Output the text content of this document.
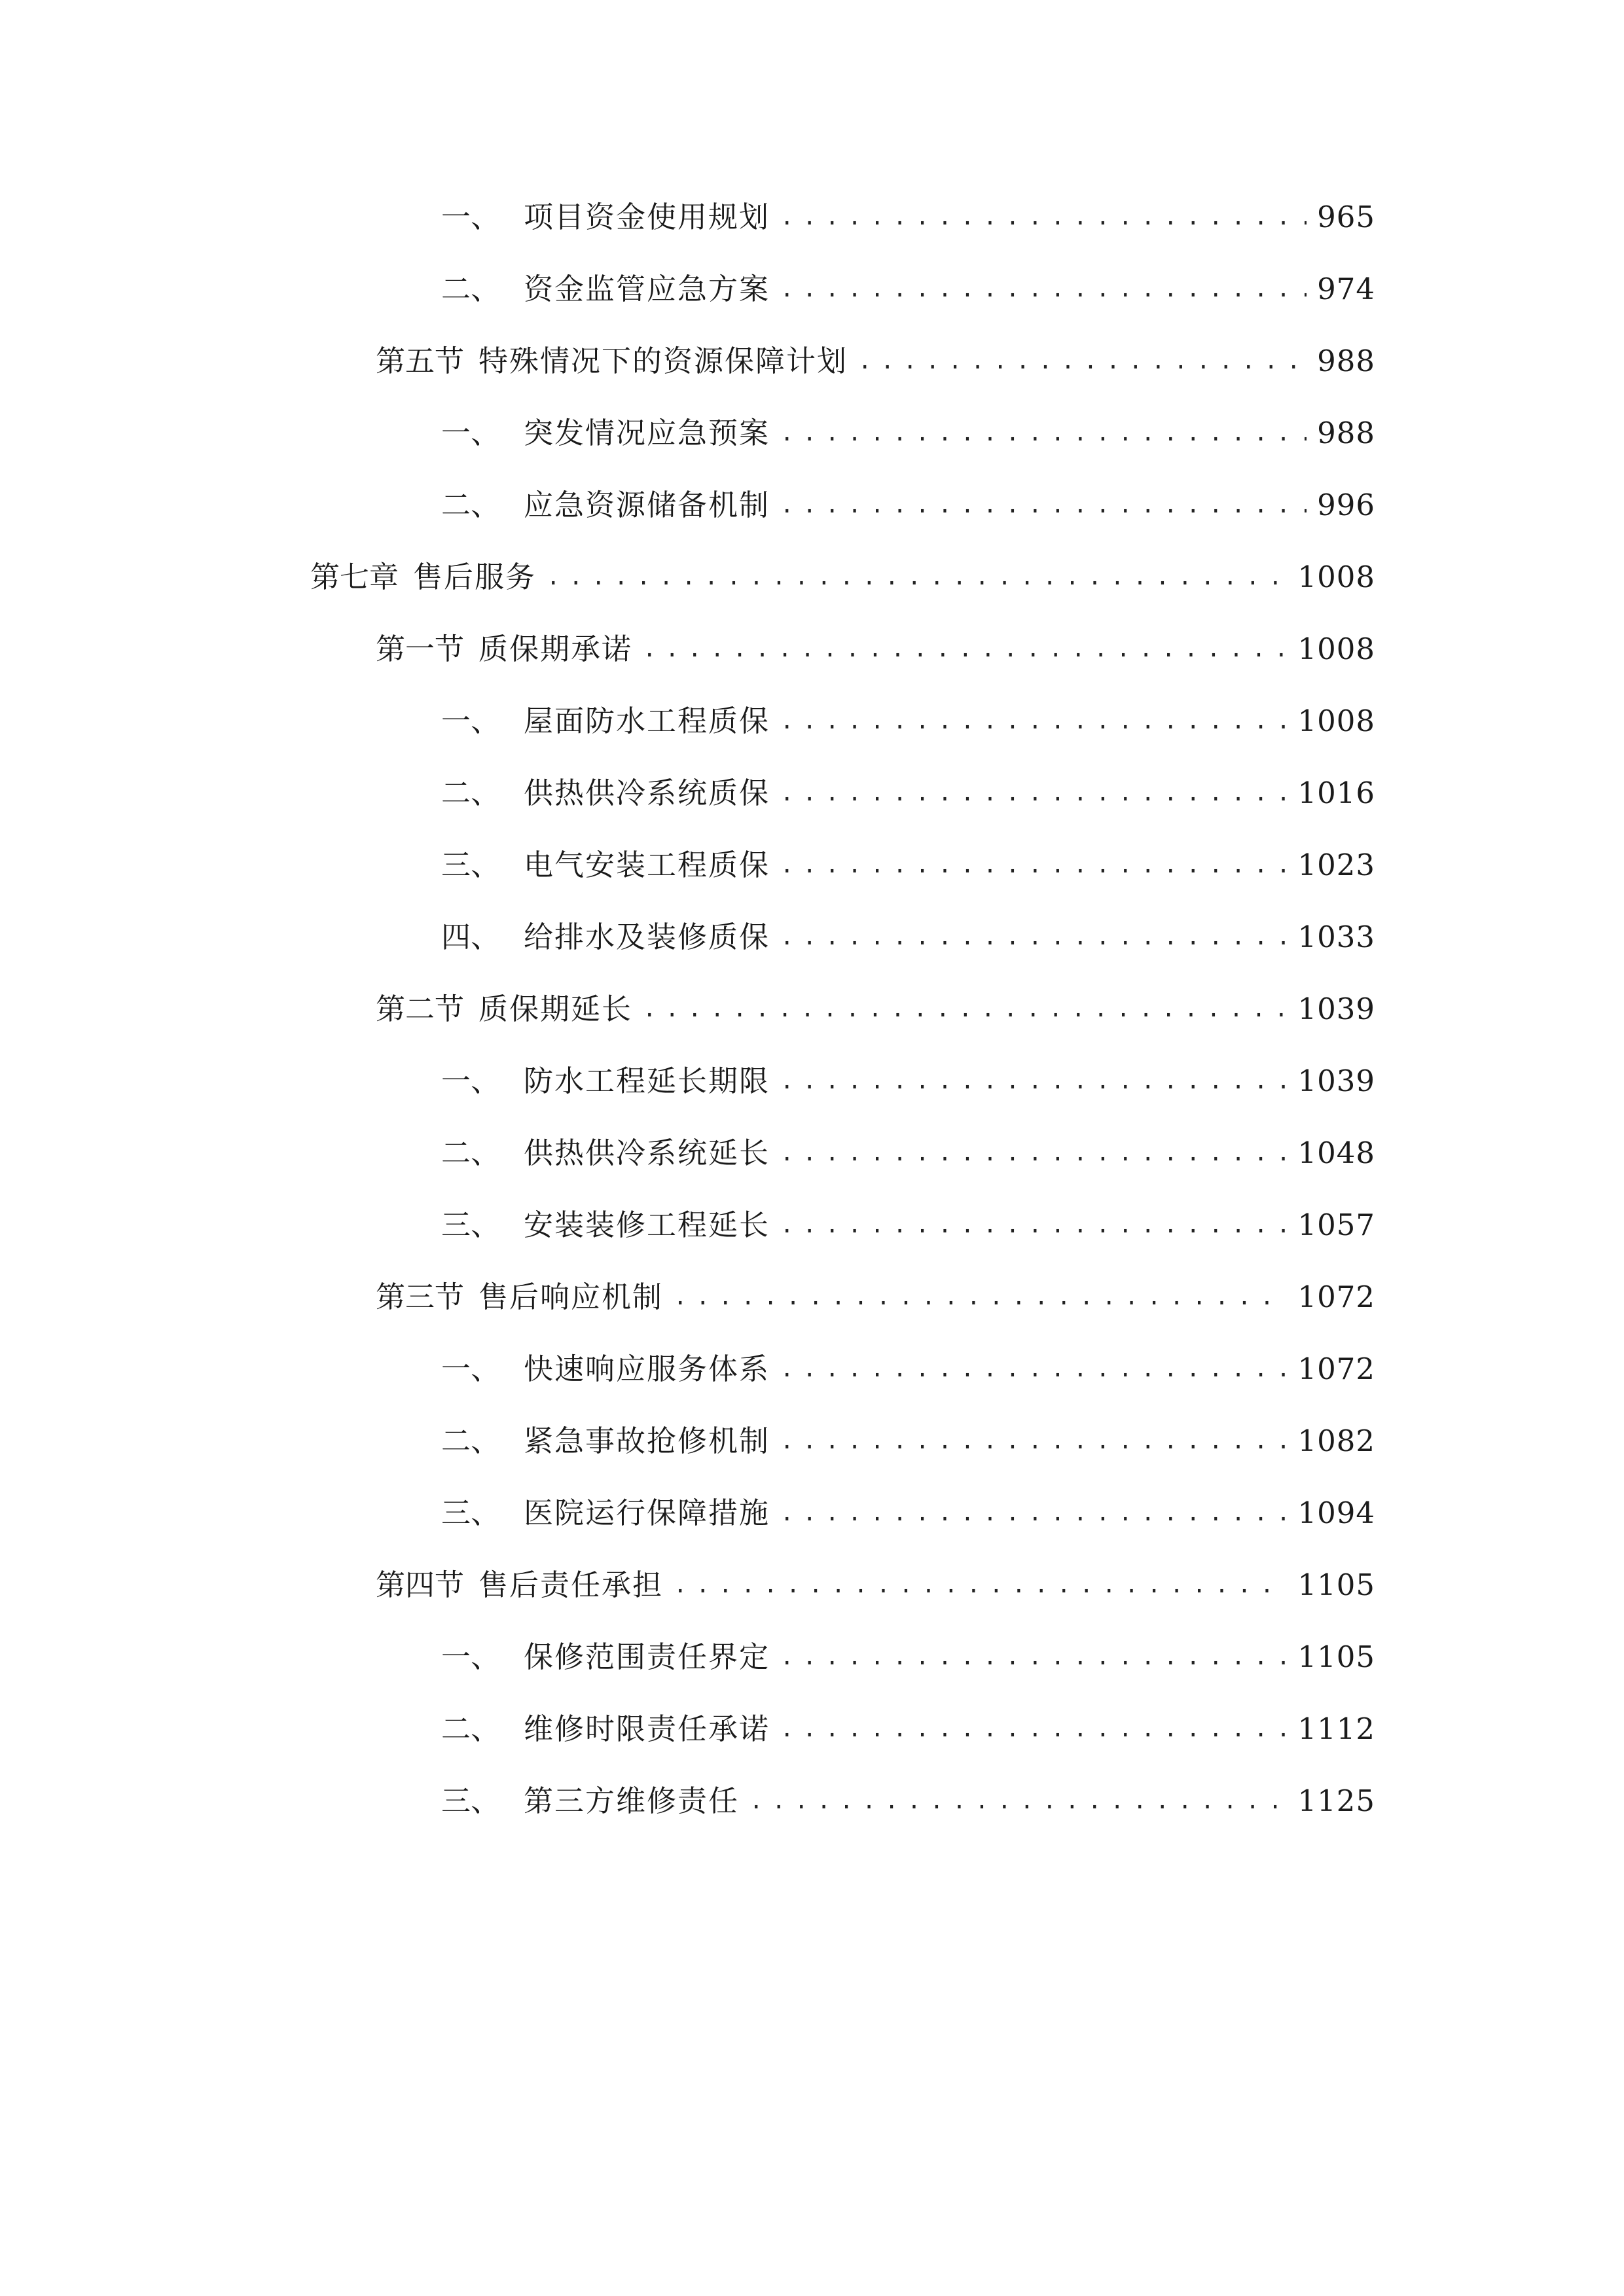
一、 项目资金使用规划 .....	965
二、 资金监管应急方案 .....	974
第五节 特殊情况下的资源保障计划 .....	988
一、 突发情况应急预案 .....	988
二、 应急资源储备机制 .....	996
第七章 售后服务 .....	1008
第一节 质保期承诺 .....	1008
一、 屋面防水工程质保 .....	1008
二、 供热供冷系统质保 .....	1016
三、 电气安装工程质保 .....	1023
四、 给排水及装修质保 .....	1033
第二节 质保期延长 .....	1039
一、 防水工程延长期限 .....	1039
二、 供热供冷系统延长 .....	1048
三、 安装装修工程延长 .....	1057
第三节 售后响应机制 .....	1072
一、 快速响应服务体系 .....	1072
二、 紧急事故抢修机制 .....	1082
三、 医院运行保障措施 .....	1094
第四节 售后责任承担 .....	1105
一、 保修范围责任界定 .....	1105
二、 维修时限责任承诺 .....	1112
三、 第三方维修责任 .....	1125
